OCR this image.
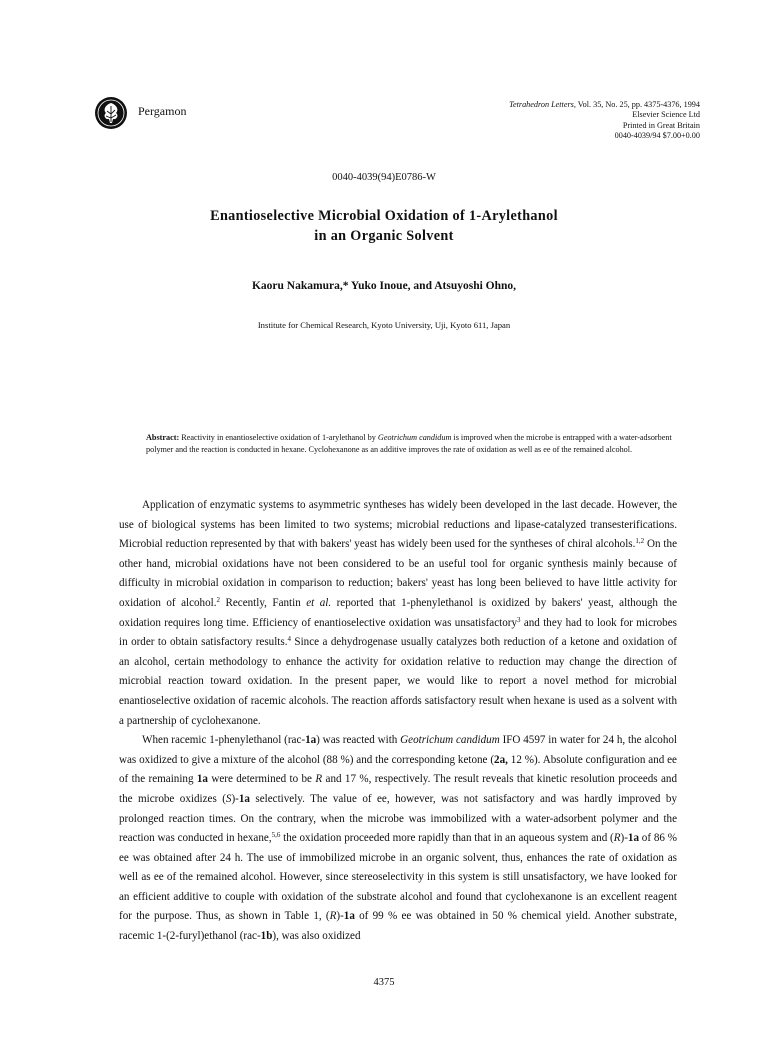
Pergamon	Tetrahedron Letters, Vol. 35, No. 25, pp. 4375-4376, 1994
Elsevier Science Ltd
Printed in Great Britain
0040-4039/94 $7.00+0.00
0040-4039(94)E0786-W
Enantioselective Microbial Oxidation of 1-Arylethanol
in an Organic Solvent
Kaoru Nakamura,* Yuko Inoue, and Atsuyoshi Ohno,
Institute for Chemical Research, Kyoto University, Uji, Kyoto 611, Japan
Abstract: Reactivity in enantioselective oxidation of 1-arylethanol by Geotrichum candidum is improved when the microbe is entrapped with a water-adsorbent polymer and the reaction is conducted in hexane. Cyclohexanone as an additive improves the rate of oxidation as well as ee of the remained alcohol.

Application of enzymatic systems to asymmetric syntheses has widely been developed in the last decade. However, the use of biological systems has been limited to two systems; microbial reductions and lipase-catalyzed transesterifications. Microbial reduction represented by that with bakers' yeast has widely been used for the syntheses of chiral alcohols.$^{1,2}$ On the other hand, microbial oxidations have not been considered to be an useful tool for organic synthesis mainly because of difficulty in microbial oxidation in comparison to reduction; bakers' yeast has long been believed to have little activity for oxidation of alcohol.$^2$ Recently, Fantin et al. reported that 1-phenylethanol is oxidized by bakers' yeast, although the oxidation requires long time. Efficiency of enantioselective oxidation was unsatisfactory$^3$ and they had to look for microbes in order to obtain satisfactory results.$^4$ Since a dehydrogenase usually catalyzes both reduction of a ketone and oxidation of an alcohol, certain methodology to enhance the activity for oxidation relative to reduction may change the direction of microbial reaction toward oxidation. In the present paper, we would like to report a novel method for microbial enantioselective oxidation of racemic alcohols. The reaction affords satisfactory result when hexane is used as a solvent with a partnership of cyclohexanone.

When racemic 1-phenylethanol (rac-1a) was reacted with Geotrichum candidum IFO 4597 in water for 24 h, the alcohol was oxidized to give a mixture of the alcohol (88 %) and the corresponding ketone (2a, 12 %). Absolute configuration and ee of the remaining 1a were determined to be R and 17 %, respectively. The result reveals that kinetic resolution proceeds and the microbe oxidizes (S)-1a selectively. The value of ee, however, was not satisfactory and was hardly improved by prolonged reaction times. On the contrary, when the microbe was immobilized with a water-adsorbent polymer and the reaction was conducted in hexane,$^{5,6}$ the oxidation proceeded more rapidly than that in an aqueous system and (R)-1a of 86 % ee was obtained after 24 h. The use of immobilized microbe in an organic solvent, thus, enhances the rate of oxidation as well as ee of the remained alcohol. However, since stereoselectivity in this system is still unsatisfactory, we have looked for an efficient additive to couple with oxidation of the substrate alcohol and found that cyclohexanone is an excellent reagent for the purpose. Thus, as shown in Table 1, (R)-1a of 99 % ee was obtained in 50 % chemical yield. Another substrate, racemic 1-(2-furyl)ethanol (rac-1b), was also oxidized

4375
